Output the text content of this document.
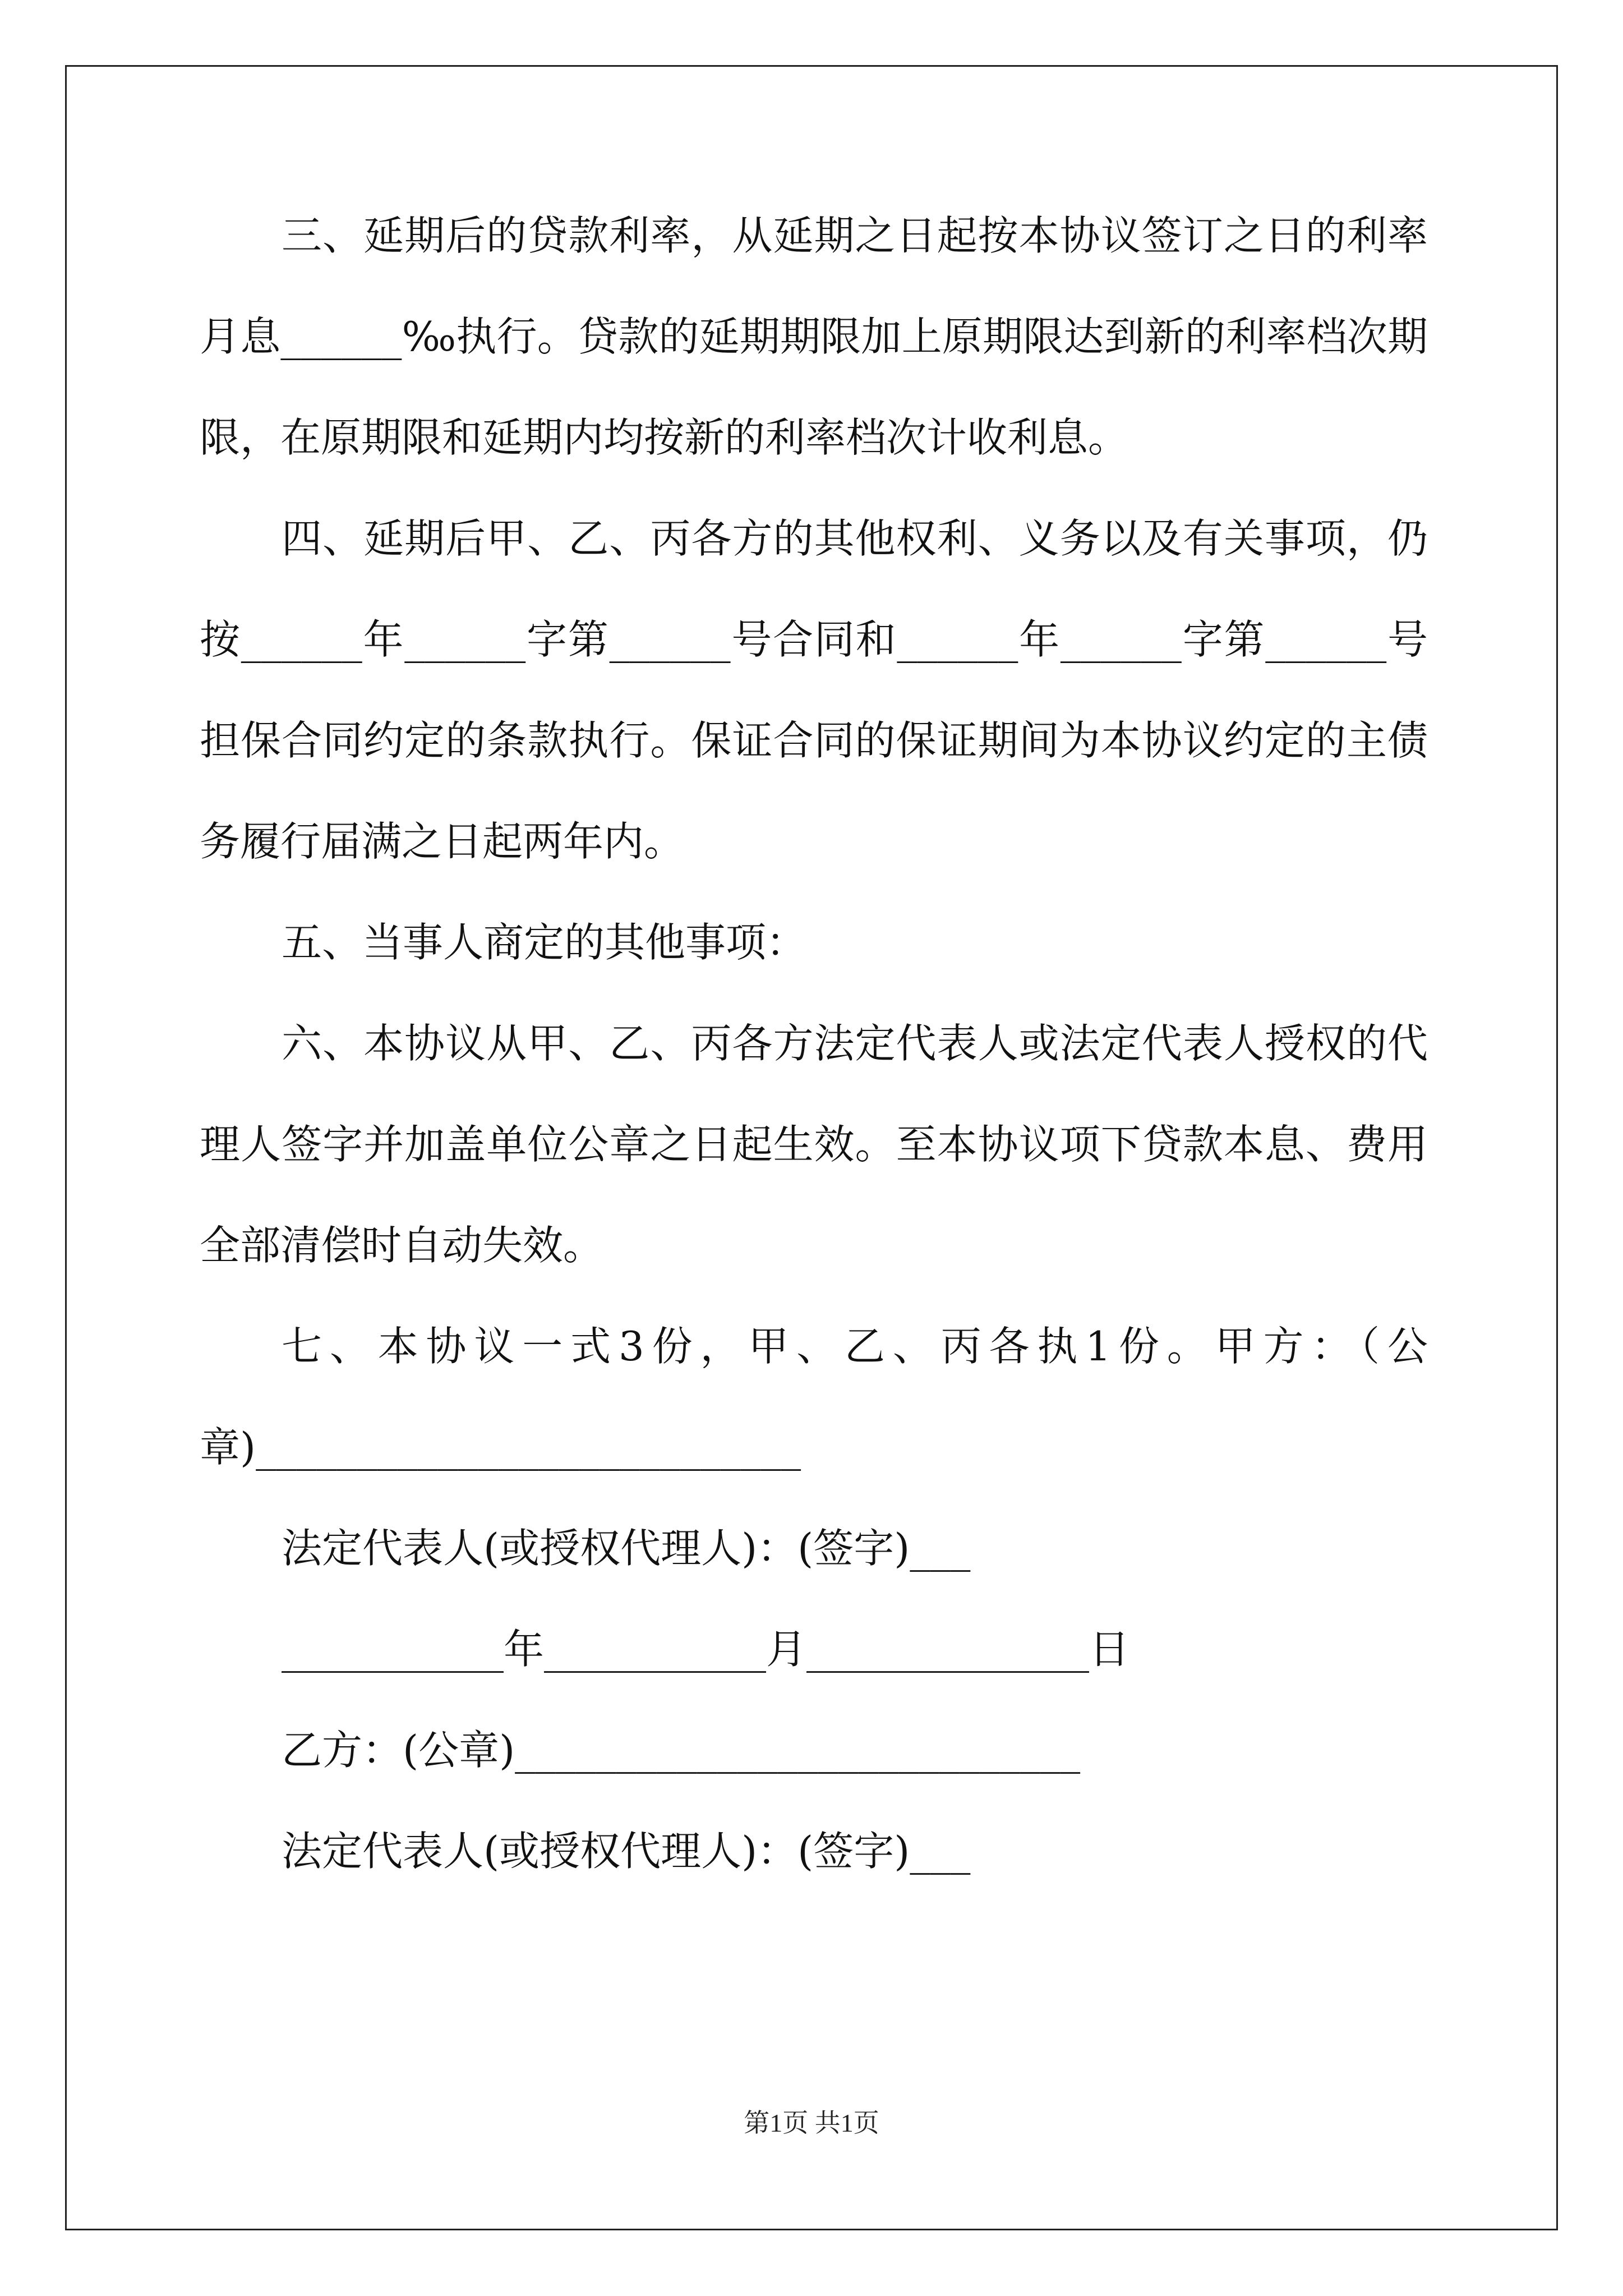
三、延期后的贷款利率，从延期之日起按本协议签订之日的利率
月息______‰执行。贷款的延期期限加上原期限达到新的利率档次期
限，在原期限和延期内均按新的利率档次计收利息。
四、延期后甲、乙、丙各方的其他权利、义务以及有关事项，仍
按______年______字第______号合同和______年______字第______号
担保合同约定的条款执行。保证合同的保证期间为本协议约定的主债
务履行届满之日起两年内。
五、当事人商定的其他事项：
六、本协议从甲、乙、丙各方法定代表人或法定代表人授权的代
理人签字并加盖单位公章之日起生效。至本协议项下贷款本息、费用
全部清偿时自动失效。
七、本协议一式3份，甲、乙、丙各执1份。甲方：（公
章)___________________________
法定代表人(或授权代理人)：(签字)___
___________年___________月______________日
乙方：(公章)____________________________
法定代表人(或授权代理人)：(签字)___
第1页 共1页
